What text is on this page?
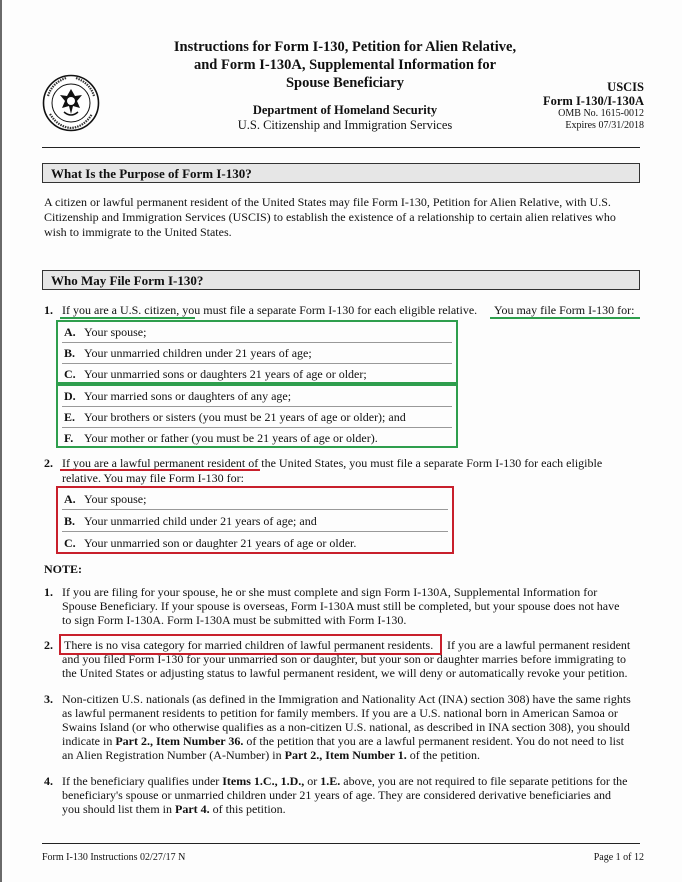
Instructions for Form I-130, Petition for Alien Relative,
and Form I-130A, Supplemental Information for
Spouse Beneficiary
Department of Homeland Security
U.S. Citizenship and Immigration Services
USCIS
Form I-130/I-130A
OMB No. 1615-0012
Expires 07/31/2018
What Is the Purpose of Form I-130?
A citizen or lawful permanent resident of the United States may file Form I-130, Petition for Alien Relative, with U.S.
Citizenship and Immigration Services (USCIS) to establish the existence of a relationship to certain alien relatives who
wish to immigrate to the United States.
Who May File Form I-130?
1. If you are a U.S. citizen, you must file a separate Form I-130 for each eligible relative. You may file Form I-130 for:
A. Your spouse;
B. Your unmarried children under 21 years of age;
C. Your unmarried sons or daughters 21 years of age or older;
D. Your married sons or daughters of any age;
E. Your brothers or sisters (you must be 21 years of age or older); and
F. Your mother or father (you must be 21 years of age or older).
2. If you are a lawful permanent resident of the United States, you must file a separate Form I-130 for each eligible
relative. You may file Form I-130 for:
A. Your spouse;
B. Your unmarried child under 21 years of age; and
C. Your unmarried son or daughter 21 years of age or older.
NOTE:
1. If you are filing for your spouse, he or she must complete and sign Form I-130A, Supplemental Information for
Spouse Beneficiary. If your spouse is overseas, Form I-130A must still be completed, but your spouse does not have
to sign Form I-130A. Form I-130A must be submitted with Form I-130.
2. There is no visa category for married children of lawful permanent residents. If you are a lawful permanent resident
and you filed Form I-130 for your unmarried son or daughter, but your son or daughter marries before immigrating to
the United States or adjusting status to lawful permanent resident, we will deny or automatically revoke your petition.
3. Non-citizen U.S. nationals (as defined in the Immigration and Nationality Act (INA) section 308) have the same rights
as lawful permanent residents to petition for family members. If you are a U.S. national born in American Samoa or
Swains Island (or who otherwise qualifies as a non-citizen U.S. national, as described in INA section 308), you should
indicate in Part 2., Item Number 36. of the petition that you are a lawful permanent resident. You do not need to list
an Alien Registration Number (A-Number) in Part 2., Item Number 1. of the petition.
4. If the beneficiary qualifies under Items 1.C., 1.D., or 1.E. above, you are not required to file separate petitions for the
beneficiary's spouse or unmarried children under 21 years of age. They are considered derivative beneficiaries and
you should list them in Part 4. of this petition.
Form I-130 Instructions 02/27/17 N	Page 1 of 12
